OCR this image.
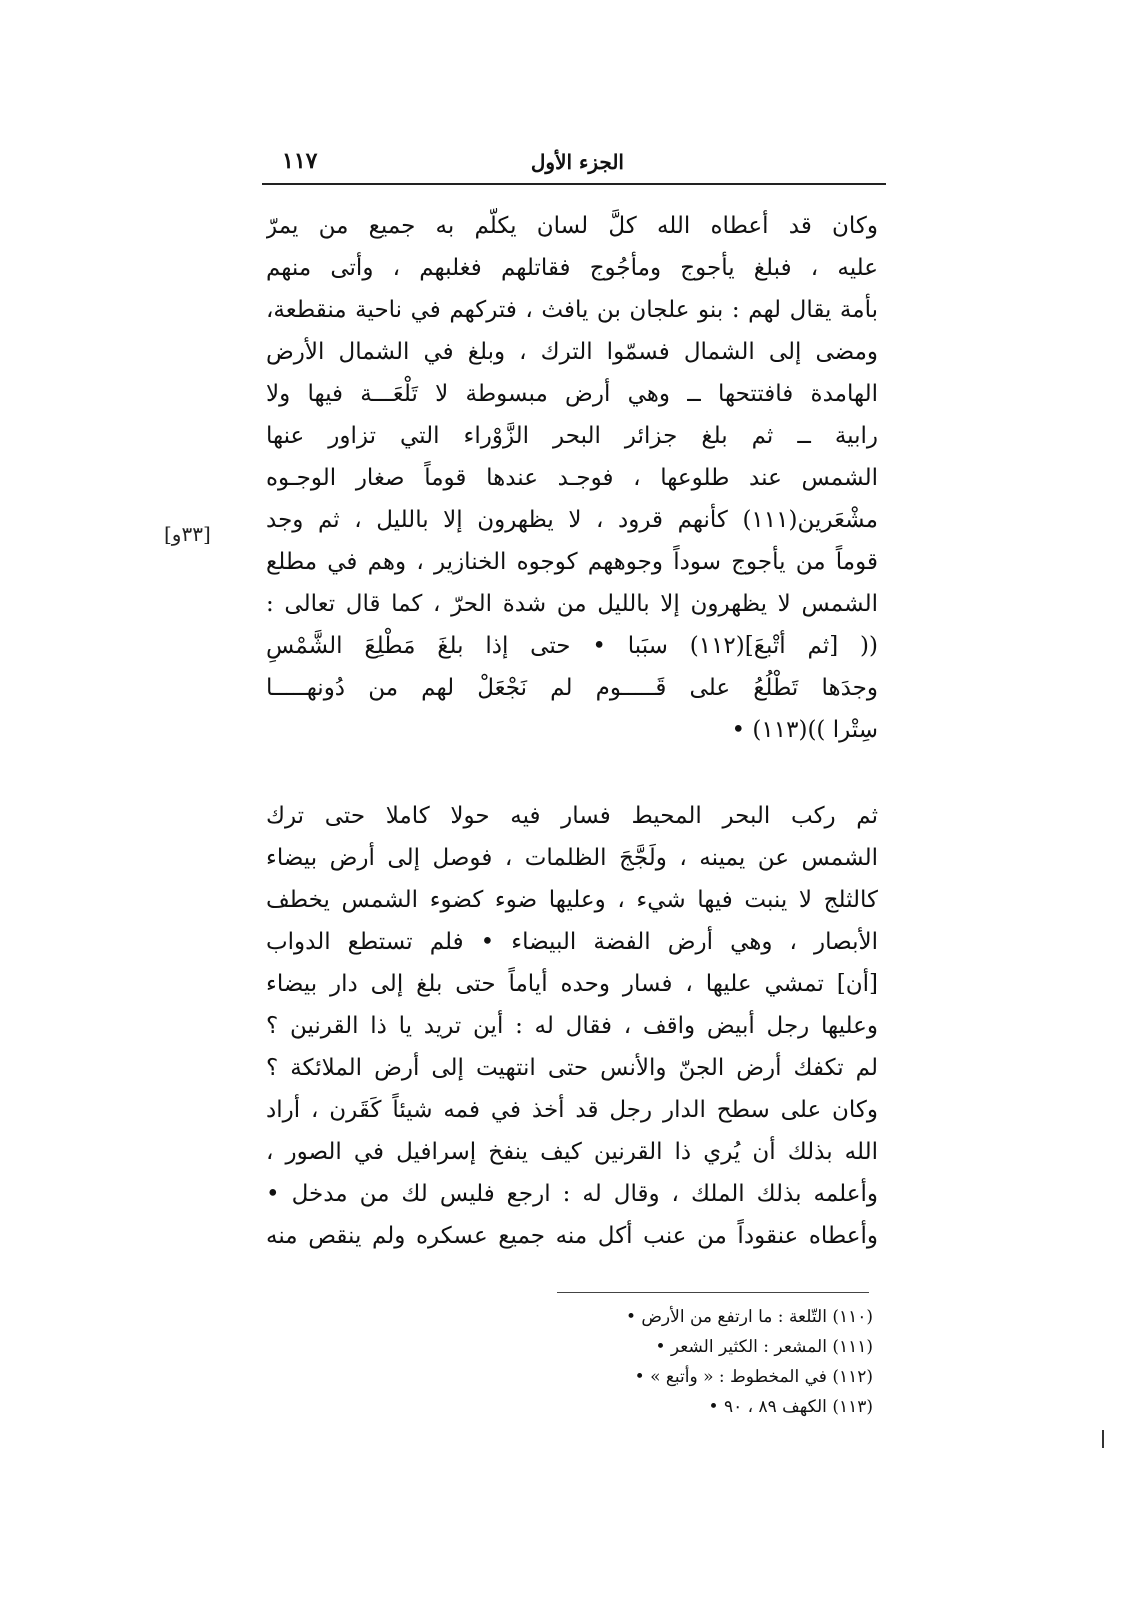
الجزء الأول
١١٧
[٣٣و]
وكان قد أعطاه الله كلَّ لسان يكلّم به جميع من يمرّ
عليه ، فبلغ يأجوج ومأجُوج فقاتلهم فغلبهم ، وأتى منهم
بأمة يقال لهم : بنو علجان بن يافث ، فتركهم في ناحية منقطعة،
ومضى إلى الشمال فسمّوا الترك ، وبلغ في الشمال الأرض
الهامدة فافتتحها ــ وهي أرض مبسوطة لا تَلْعَـــة فيها ولا
رابية ــ ثم بلغ جزائر البحر الزَّوْراء التي تزاور عنها
الشمس عند طلوعها ، فوجـد عندها قوماً صغار الوجـوه
مشْعَرين(١١١) كأنهم قرود ، لا يظهرون إلا بالليل ، ثم وجد
قوماً من يأجوج سوداً وجوههم كوجوه الخنازير ، وهم في مطلع
الشمس لا يظهرون إلا بالليل من شدة الحرّ ، كما قال تعالى :
(( [ثم أتْبعَ](١١٢) سبَبا • حتى إذا بلغَ مَطْلِعَ الشَّمْسِ
وجدَها تَطْلُعُ على قَـــــوم لم نَجْعَلْ لهم من دُونهـــــا
سِتْرا ))(١١٣) •
ثم ركب البحر المحيط فسار فيه حولا كاملا حتى ترك
الشمس عن يمينه ، ولَجَّجَ الظلمات ، فوصل إلى أرض بيضاء
كالثلج لا ينبت فيها شيء ، وعليها ضوء كضوء الشمس يخطف
الأبصار ، وهي أرض الفضة البيضاء • فلم تستطع الدواب
[أن] تمشي عليها ، فسار وحده أياماً حتى بلغ إلى دار بيضاء
وعليها رجل أبيض واقف ، فقال له : أين تريد يا ذا القرنين ؟
لم تكفك أرض الجنّ والأنس حتى انتهيت إلى أرض الملائكة ؟
وكان على سطح الدار رجل قد أخذ في فمه شيئاً كَقَرن ، أراد
الله بذلك أن يُري ذا القرنين كيف ينفخ إسرافيل في الصور ،
وأعلمه بذلك الملك ، وقال له : ارجع فليس لك من مدخل •
وأعطاه عنقوداً من عنب أكل منه جميع عسكره ولم ينقص منه
(١١٠) التّلعة : ما ارتفع من الأرض •
(١١١) المشعر : الكثير الشعر •
(١١٢) في المخطوط : « وأتبع » •
(١١٣) الكهف ٨٩ ، ٩٠ •
